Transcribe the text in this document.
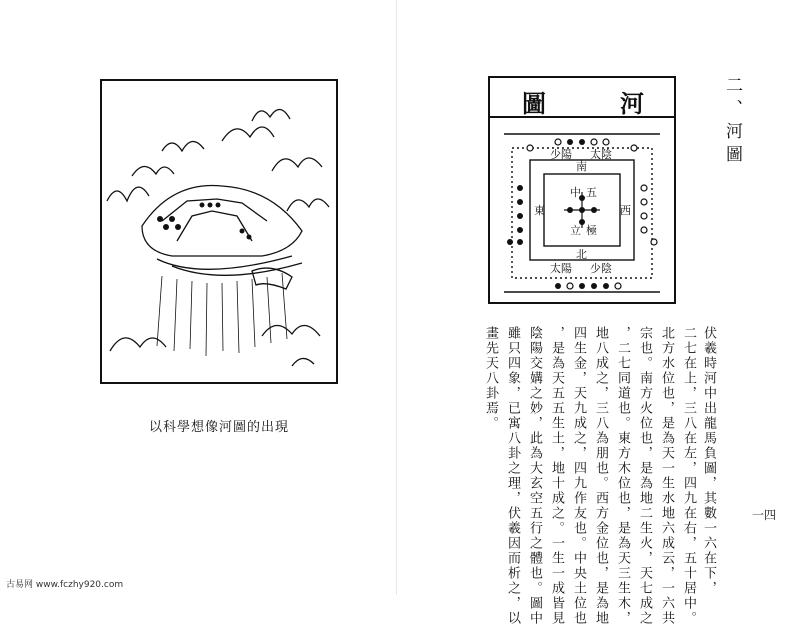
以科學想像河圖的出現
古易网 www.fczhy920.com
圖	河
中 五
立 極
南
北
東	西
太陽 少陰
少陽 太陰	二、河圖
伏羲時河中出龍馬負圖，其數一六在下，
二七在上，三八在左，四九在右，五十居中。
北方水位也，是為天一生水地六成云，一六共
宗也。南方火位也，是為地二生火，天七成之
，二七同道也。東方木位也，是為天三生木，
地八成之，三八為朋也。西方金位也，是為地
四生金，天九成之，四九作友也。中央土位也
，是為天五五生土，地十成之。一生一成皆見
陰陽交媾之妙，此為大玄空五行之體也。圖中
雖只四象，已寓八卦之理，伏羲因而析之，以
畫先天八卦焉。
一四
